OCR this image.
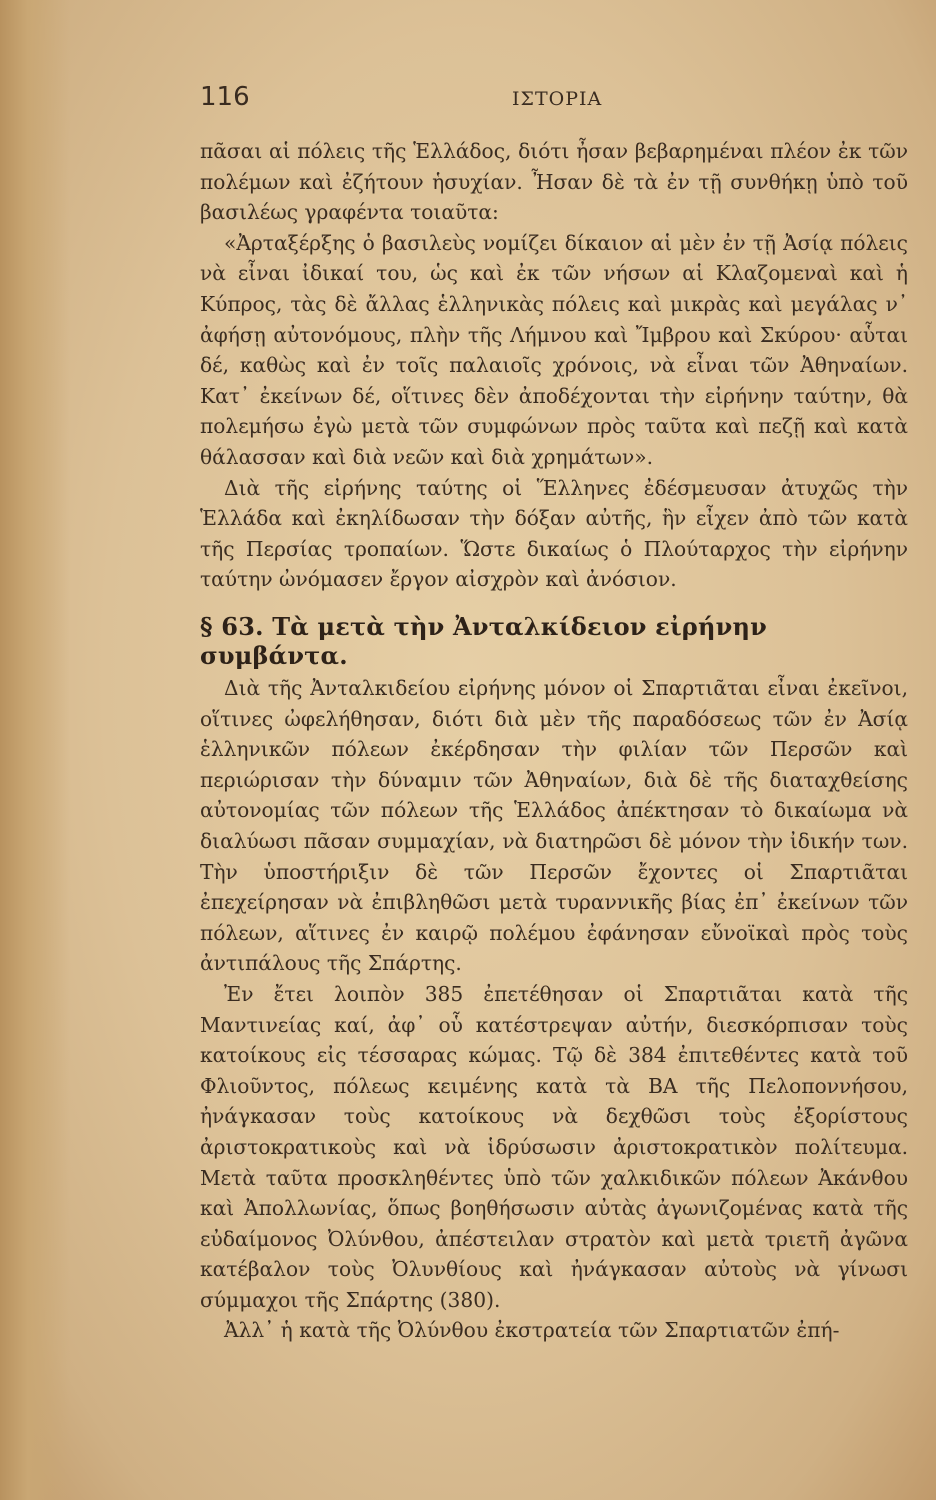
116	ΙΣΤΟΡΙΑ

πᾶσαι αἱ πόλεις τῆς Ἑλλάδος, διότι ἦσαν βεβαρημέναι πλέον ἐκ τῶν πολέμων καὶ ἐζήτουν ἡσυχίαν. Ἦσαν δὲ τὰ ἐν τῇ συνθήκῃ ὑπὸ τοῦ βασιλέως γραφέντα τοιαῦτα:

«Ἀρταξέρξης ὁ βασιλεὺς νομίζει δίκαιον αἱ μὲν ἐν τῇ Ἀσίᾳ πόλεις νὰ εἶναι ἰδικαί του, ὡς καὶ ἐκ τῶν νήσων αἱ Κλαζομεναὶ καὶ ἡ Κύπρος, τὰς δὲ ἄλλας ἑλληνικὰς πόλεις καὶ μικρὰς καὶ μεγάλας ν᾽ ἀφήσῃ αὐτονόμους, πλὴν τῆς Λήμνου καὶ Ἴμβρου καὶ Σκύρου· αὗται δέ, καθὼς καὶ ἐν τοῖς παλαιοῖς χρόνοις, νὰ εἶναι τῶν Ἀθηναίων. Κατ᾽ ἐκείνων δέ, οἵτινες δὲν ἀποδέχονται τὴν εἰρήνην ταύτην, θὰ πολεμήσω ἐγὼ μετὰ τῶν συμφώνων πρὸς ταῦτα καὶ πεζῇ καὶ κατὰ θάλασσαν καὶ διὰ νεῶν καὶ διὰ χρημάτων».

Διὰ τῆς εἰρήνης ταύτης οἱ Ἕλληνες ἐδέσμευσαν ἀτυχῶς τὴν Ἑλλάδα καὶ ἐκηλίδωσαν τὴν δόξαν αὐτῆς, ἣν εἶχεν ἀπὸ τῶν κατὰ τῆς Περσίας τροπαίων. Ὥστε δικαίως ὁ Πλούταρχος τὴν εἰρήνην ταύτην ὠνόμασεν ἔργον αἰσχρὸν καὶ ἀνόσιον.

§ 63. Τὰ μετὰ τὴν Ἀνταλκίδειον εἰρήνην συμβάντα.

Διὰ τῆς Ἀνταλκιδείου εἰρήνης μόνον οἱ Σπαρτιᾶται εἶναι ἐκεῖνοι, οἵτινες ὠφελήθησαν, διότι διὰ μὲν τῆς παραδόσεως τῶν ἐν Ἀσίᾳ ἑλληνικῶν πόλεων ἐκέρδησαν τὴν φιλίαν τῶν Περσῶν καὶ περιώρισαν τὴν δύναμιν τῶν Ἀθηναίων, διὰ δὲ τῆς διαταχθείσης αὐτονομίας τῶν πόλεων τῆς Ἑλλάδος ἀπέκτησαν τὸ δικαίωμα νὰ διαλύωσι πᾶσαν συμμαχίαν, νὰ διατηρῶσι δὲ μόνον τὴν ἰδικήν των. Τὴν ὑποστήριξιν δὲ τῶν Περσῶν ἔχοντες οἱ Σπαρτιᾶται ἐπεχείρησαν νὰ ἐπιβληθῶσι μετὰ τυραννικῆς βίας ἐπ᾽ ἐκείνων τῶν πόλεων, αἵτινες ἐν καιρῷ πολέμου ἐφάνησαν εὔνοϊκαὶ πρὸς τοὺς ἀντιπάλους τῆς Σπάρτης.

Ἐν ἔτει λοιπὸν 385 ἐπετέθησαν οἱ Σπαρτιᾶται κατὰ τῆς Μαντινείας καί, ἀφ᾽ οὗ κατέστρεψαν αὐτήν, διεσκόρπισαν τοὺς κατοίκους εἰς τέσσαρας κώμας. Τῷ δὲ 384 ἐπιτεθέντες κατὰ τοῦ Φλιοῦντος, πόλεως κειμένης κατὰ τὰ ΒΑ τῆς Πελοποννήσου, ἠνάγκασαν τοὺς κατοίκους νὰ δεχθῶσι τοὺς ἐξορίστους ἀριστοκρατικοὺς καὶ νὰ ἱδρύσωσιν ἀριστοκρατικὸν πολίτευμα. Μετὰ ταῦτα προσκληθέντες ὑπὸ τῶν χαλκιδικῶν πόλεων Ἀκάνθου καὶ Ἀπολλωνίας, ὅπως βοηθήσωσιν αὐτὰς ἀγωνιζομένας κατὰ τῆς εὐδαίμονος Ὀλύνθου, ἀπέστειλαν στρατὸν καὶ μετὰ τριετῆ ἀγῶνα κατέβαλον τοὺς Ὀλυνθίους καὶ ἠνάγκασαν αὐτοὺς νὰ γίνωσι σύμμαχοι τῆς Σπάρτης (380).

Ἀλλ᾽ ἡ κατὰ τῆς Ὀλύνθου ἐκστρατεία τῶν Σπαρτιατῶν ἐπή-
